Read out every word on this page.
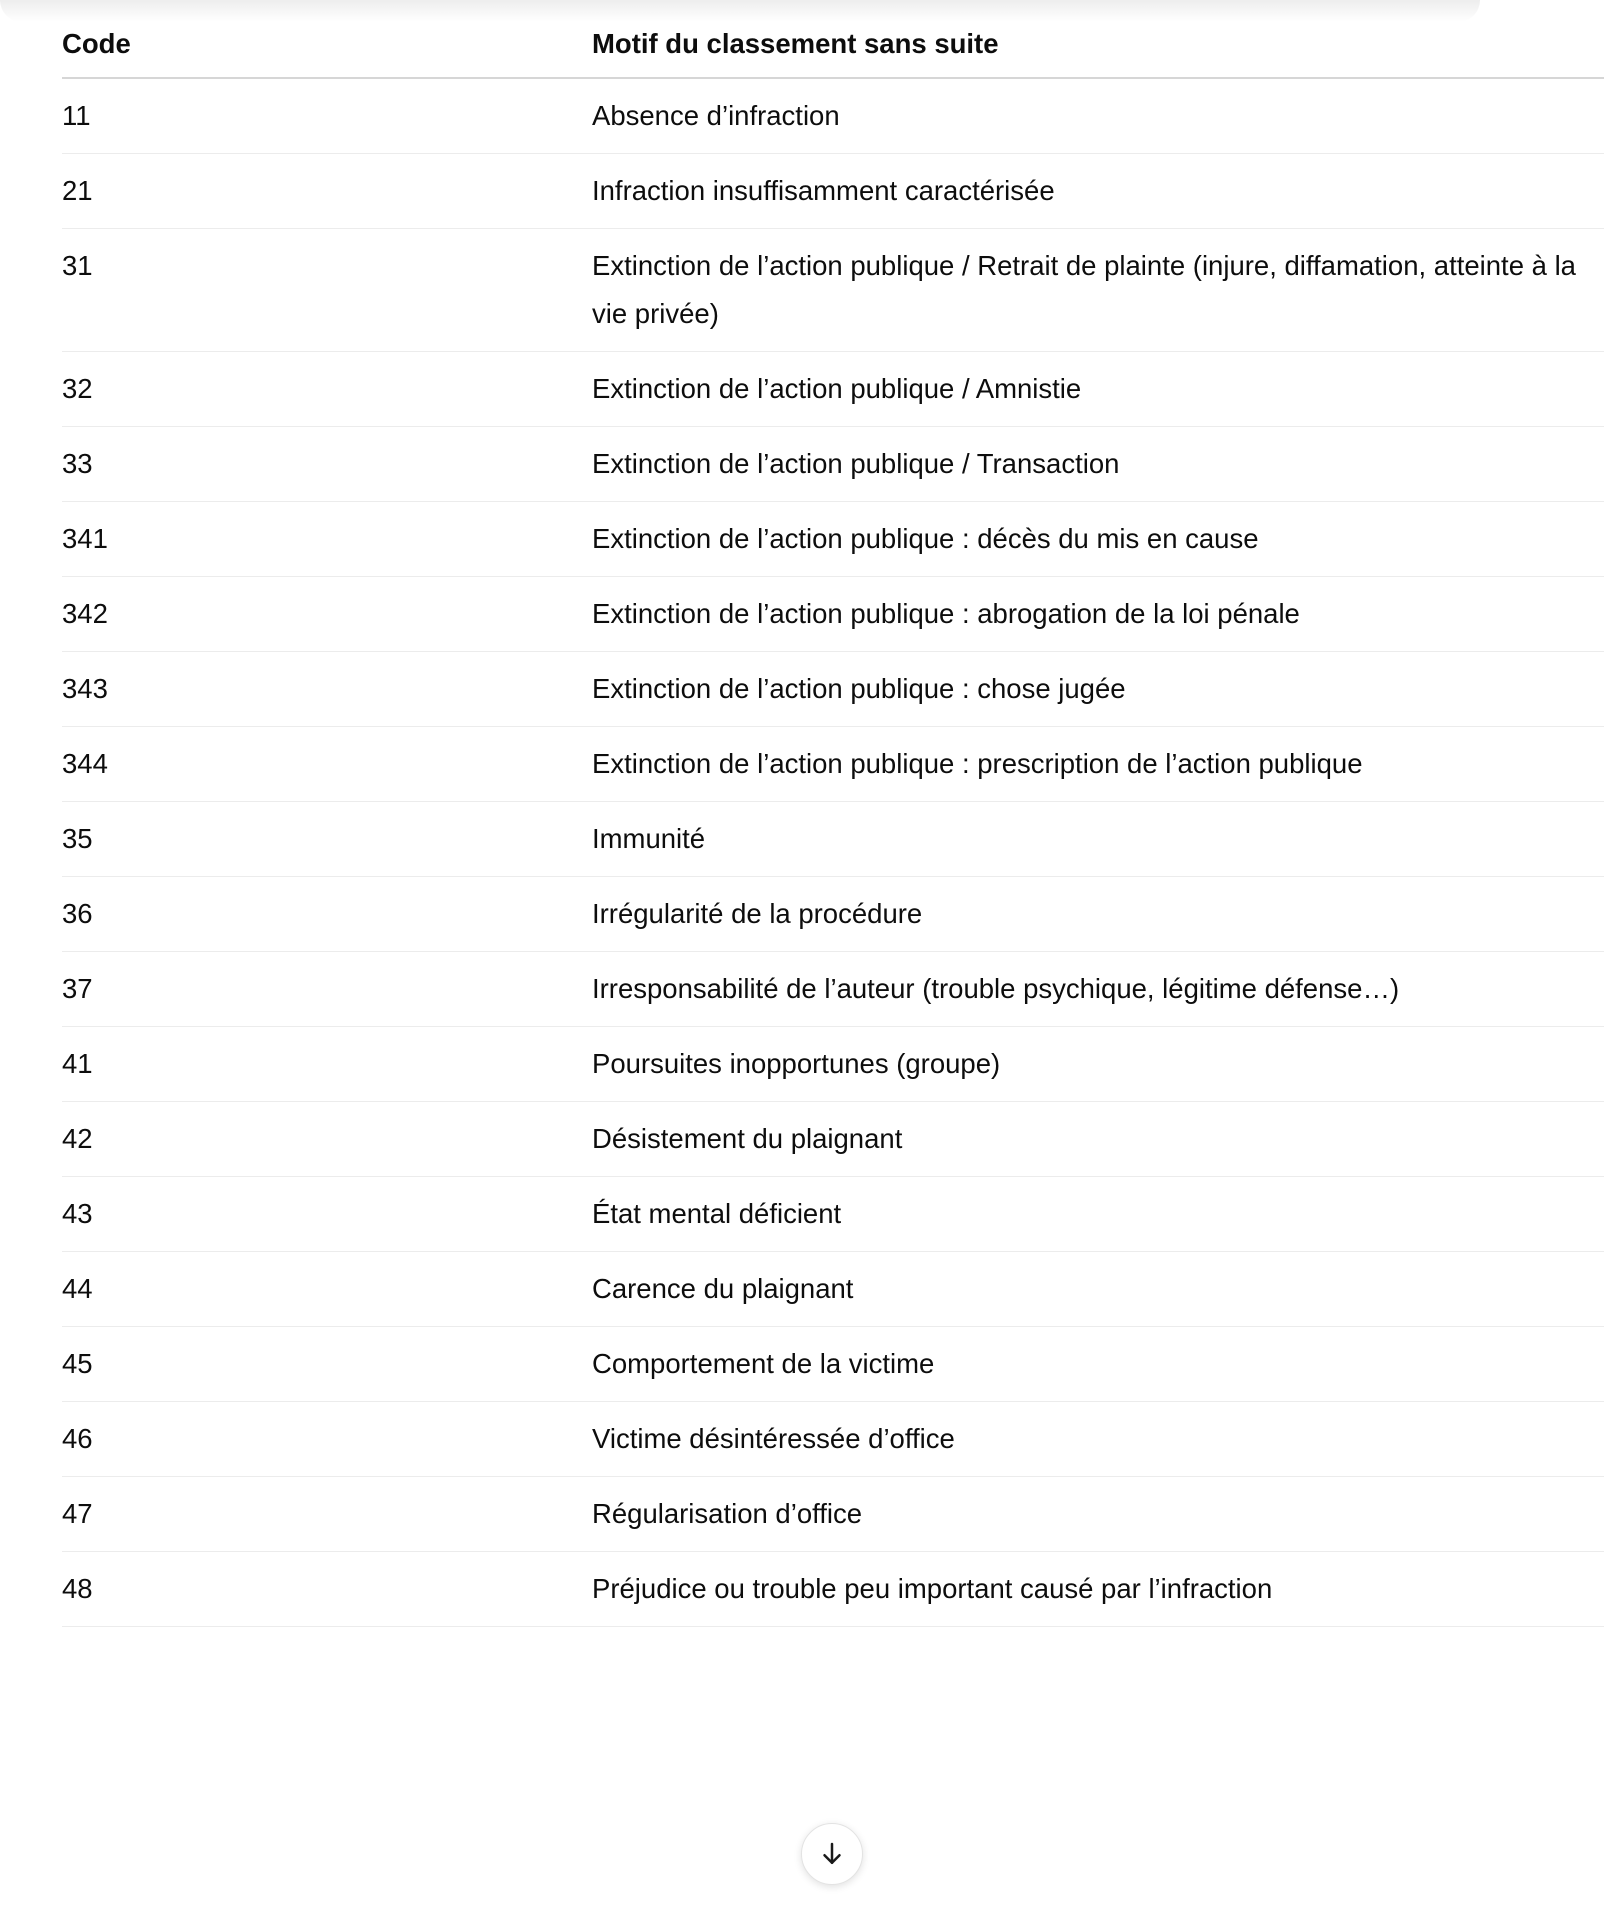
Code	Motif du classement sans suite
11	Absence d’infraction
21	Infraction insuffisamment caractérisée
31	Extinction de l’action publique / Retrait de plainte (injure, diffamation, atteinte à la vie privée)
32	Extinction de l’action publique / Amnistie
33	Extinction de l’action publique / Transaction
341	Extinction de l’action publique : décès du mis en cause
342	Extinction de l’action publique : abrogation de la loi pénale
343	Extinction de l’action publique : chose jugée
344	Extinction de l’action publique : prescription de l’action publique
35	Immunité
36	Irrégularité de la procédure
37	Irresponsabilité de l’auteur (trouble psychique, légitime défense…)
41	Poursuites inopportunes (groupe)
42	Désistement du plaignant
43	État mental déficient
44	Carence du plaignant
45	Comportement de la victime
46	Victime désintéressée d’office
47	Régularisation d’office
48	Préjudice ou trouble peu important causé par l’infraction
